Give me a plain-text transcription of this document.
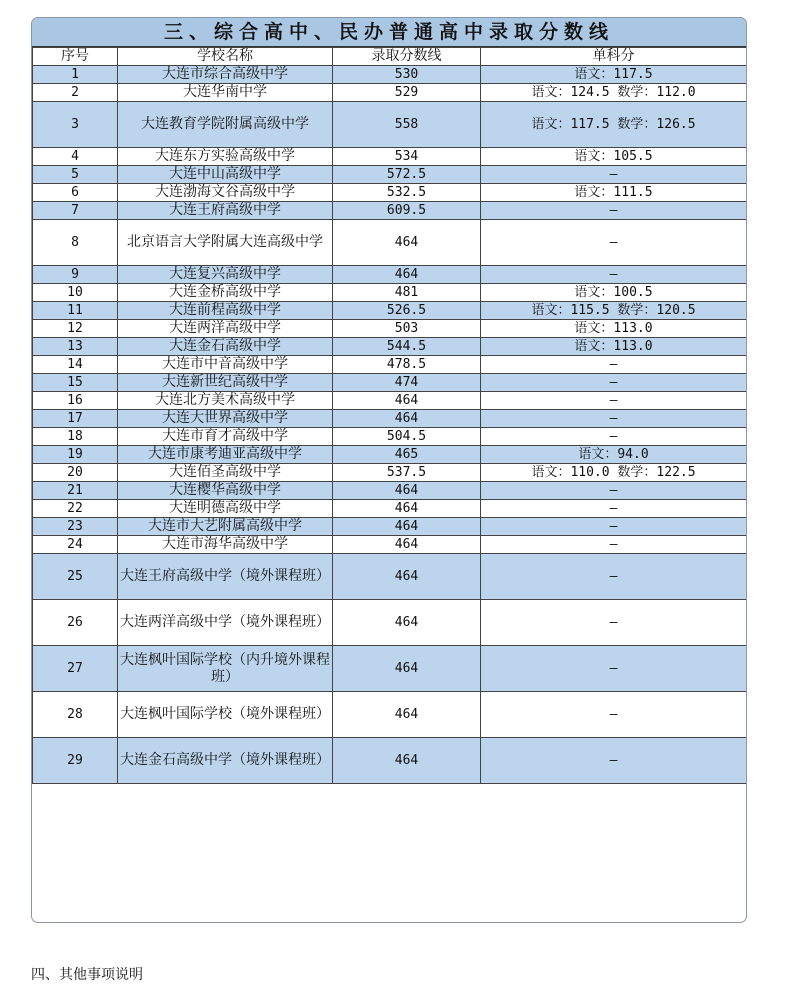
三、综合高中、民办普通高中录取分数线
序号	学校名称	录取分数线	单科分
1	大连市综合高级中学	530	语文：117.5
2	大连华南中学	529	语文：124.5 数学：112.0
3	大连教育学院附属高级中学	558	语文：117.5 数学：126.5
4	大连东方实验高级中学	534	语文：105.5
5	大连中山高级中学	572.5	—
6	大连渤海文谷高级中学	532.5	语文：111.5
7	大连王府高级中学	609.5	—
8	北京语言大学附属大连高级中学	464	—
9	大连复兴高级中学	464	—
10	大连金桥高级中学	481	语文：100.5
11	大连前程高级中学	526.5	语文：115.5 数学：120.5
12	大连两洋高级中学	503	语文：113.0
13	大连金石高级中学	544.5	语文：113.0
14	大连市中音高级中学	478.5	—
15	大连新世纪高级中学	474	—
16	大连北方美术高级中学	464	—
17	大连大世界高级中学	464	—
18	大连市育才高级中学	504.5	—
19	大连市康考迪亚高级中学	465	语文：94.0
20	大连佰圣高级中学	537.5	语文：110.0 数学：122.5
21	大连樱华高级中学	464	—
22	大连明德高级中学	464	—
23	大连市大艺附属高级中学	464	—
24	大连市海华高级中学	464	—
25	大连王府高级中学（境外课程班）	464	—
26	大连两洋高级中学（境外课程班）	464	—
27	大连枫叶国际学校（内升境外课程班）	464	—
28	大连枫叶国际学校（境外课程班）	464	—
29	大连金石高级中学（境外课程班）	464	—
四、其他事项说明
